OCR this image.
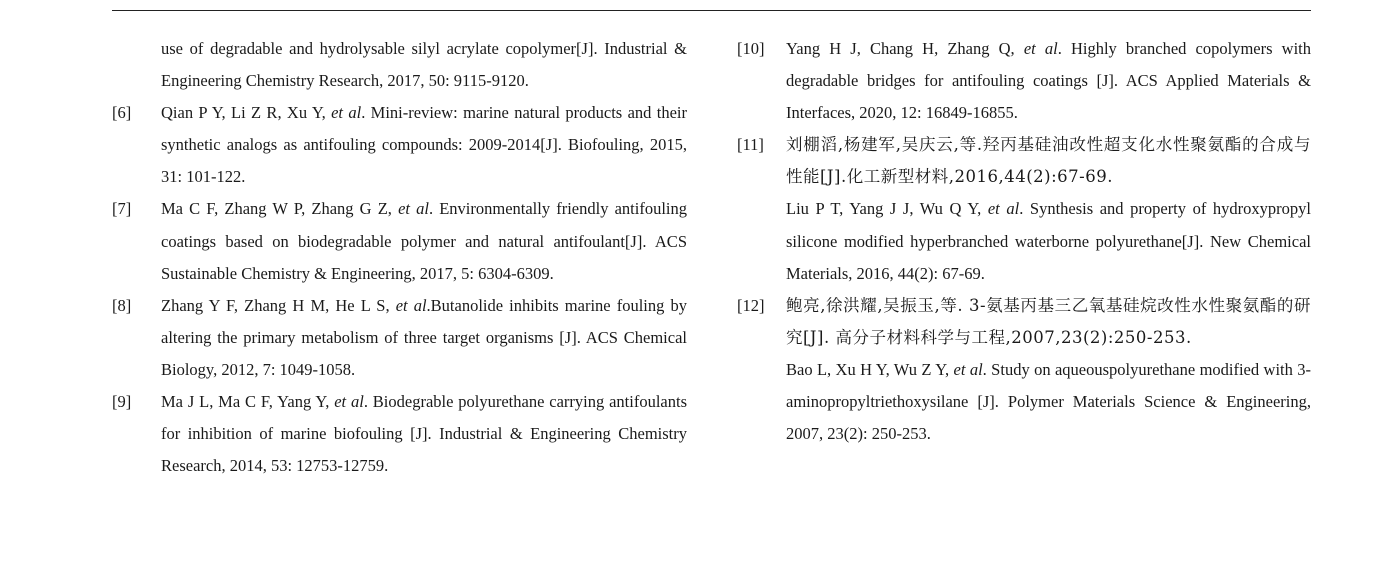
use of degradable and hydrolysable silyl acrylate copolymer[J]. Industrial & Engineering Chemistry Research, 2017, 50: 9115-9120.
[6] Qian P Y, Li Z R, Xu Y, et al. Mini-review: marine natural products and their synthetic analogs as antifouling compounds: 2009-2014[J]. Biofouling, 2015, 31: 101-122.
[7] Ma C F, Zhang W P, Zhang G Z, et al. Environmentally friendly antifouling coatings based on biodegradable polymer and natural antifoulant[J]. ACS Sustainable Chemistry & Engineering, 2017, 5: 6304-6309.
[8] Zhang Y F, Zhang H M, He L S, et al.Butanolide inhibits marine fouling by altering the primary metabolism of three target organisms [J]. ACS Chemical Biology, 2012, 7: 1049-1058.
[9] Ma J L, Ma C F, Yang Y, et al. Biodegrable polyurethane carrying antifoulants for inhibition of marine biofouling [J]. Industrial & Engineering Chemistry Research, 2014, 53: 12753-12759.
[10] Yang H J, Chang H, Zhang Q, et al. Highly branched copolymers with degradable bridges for antifouling coatings [J]. ACS Applied Materials & Interfaces, 2020, 12: 16849-16855.
[11] 刘棚滔,杨建军,吴庆云,等.羟丙基硅油改性超支化水性聚氨酯的合成与性能[J].化工新型材料,2016,44(2):67-69.
Liu P T, Yang J J, Wu Q Y, et al. Synthesis and property of hydroxypropyl silicone modified hyperbranched waterborne polyurethane[J]. New Chemical Materials, 2016, 44(2): 67-69.
[12] 鲍亮,徐洪耀,吴振玉,等. 3-氨基丙基三乙氧基硅烷改性水性聚氨酯的研究[J]. 高分子材料科学与工程,2007,23(2):250-253.
Bao L, Xu H Y, Wu Z Y, et al. Study on aqueouspolyurethane modified with 3-aminopropyltriethoxysilane [J]. Polymer Materials Science & Engineering, 2007, 23(2): 250-253.
